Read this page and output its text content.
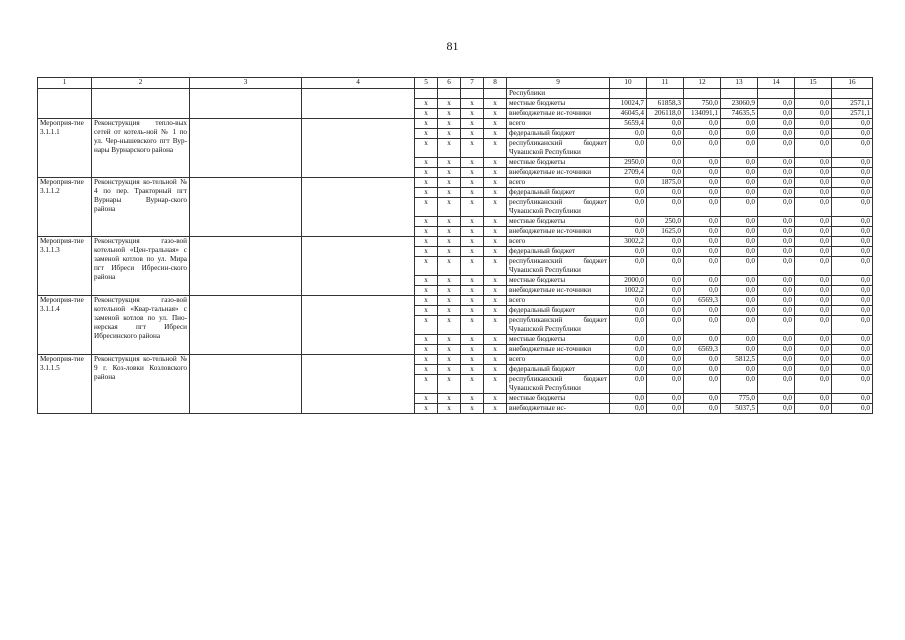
81
1	2	3	4	5	6	7	8	9	10	11	12	13	14	15	16
								Республики							
				x	x	x	x	местные бюджеты	10024,7	61858,3	750,0	23060,9	0,0	0,0	2571,1
				x	x	x	x	внебюджетные ис-точники	46045,4	206118,0	134091,1	74635,5	0,0	0,0	2571,1
Мероприя-тие 3.1.1.1	Реконструкция тепло-вых сетей от котель-ной № 1 по ул. Чер-нышевского пгт Вур-нары Вурнарского района			x	x	x	x	всего	5659,4	0,0	0,0	0,0	0,0	0,0	0,0
				x	x	x	x	федеральный бюджет	0,0	0,0	0,0	0,0	0,0	0,0	0,0
				x	x	x	x	республиканский бюджет Чувашской Республики	0,0	0,0	0,0	0,0	0,0	0,0	0,0
				x	x	x	x	местные бюджеты	2950,0	0,0	0,0	0,0	0,0	0,0	0,0
				x	x	x	x	внебюджетные ис-точники	2709,4	0,0	0,0	0,0	0,0	0,0	0,0
Мероприя-тие 3.1.1.2	Реконструкция ко-тельной № 4 по пер. Тракторный пгт Вурнары Вурнар-ского района			x	x	x	x	всего	0,0	1875,0	0,0	0,0	0,0	0,0	0,0
				x	x	x	x	федеральный бюджет	0,0	0,0	0,0	0,0	0,0	0,0	0,0
				x	x	x	x	республиканский бюджет Чувашской Республики	0,0	0,0	0,0	0,0	0,0	0,0	0,0
				x	x	x	x	местные бюджеты	0,0	250,0	0,0	0,0	0,0	0,0	0,0
				x	x	x	x	внебюджетные ис-точники	0,0	1625,0	0,0	0,0	0,0	0,0	0,0
Мероприя-тие 3.1.1.3	Реконструкция газо-вой котельной «Цен-тральная» с заменой котлов по ул. Мира пгт Ибреси Ибресин-ского района			x	x	x	x	всего	3002,2	0,0	0,0	0,0	0,0	0,0	0,0
				x	x	x	x	федеральный бюджет	0,0	0,0	0,0	0,0	0,0	0,0	0,0
				x	x	x	x	республиканский бюджет Чувашской Республики	0,0	0,0	0,0	0,0	0,0	0,0	0,0
				x	x	x	x	местные бюджеты	2000,0	0,0	0,0	0,0	0,0	0,0	0,0
				x	x	x	x	внебюджетные ис-точники	1002,2	0,0	0,0	0,0	0,0	0,0	0,0
Мероприя-тие 3.1.1.4	Реконструкция газо-вой котельной «Квар-тальная» с заменой котлов по ул. Пио-нерская пгт Ибреси Ибресинского района			x	x	x	x	всего	0,0	0,0	6569,3	0,0	0,0	0,0	0,0
				x	x	x	x	федеральный бюджет	0,0	0,0	0,0	0,0	0,0	0,0	0,0
				x	x	x	x	республиканский бюджет Чувашской Республики	0,0	0,0	0,0	0,0	0,0	0,0	0,0
				x	x	x	x	местные бюджеты	0,0	0,0	0,0	0,0	0,0	0,0	0,0
				x	x	x	x	внебюджетные ис-точники	0,0	0,0	6569,3	0,0	0,0	0,0	0,0
Мероприя-тие 3.1.1.5	Реконструкция ко-тельной № 9 г. Коз-ловки Козловского района			x	x	x	x	всего	0,0	0,0	0,0	5812,5	0,0	0,0	0,0
				x	x	x	x	федеральный бюджет	0,0	0,0	0,0	0,0	0,0	0,0	0,0
				x	x	x	x	республиканский бюджет Чувашской Республики	0,0	0,0	0,0	0,0	0,0	0,0	0,0
				x	x	x	x	местные бюджеты	0,0	0,0	0,0	775,0	0,0	0,0	0,0
				x	x	x	x	внебюджетные ис-	0,0	0,0	0,0	5037,5	0,0	0,0	0,0
